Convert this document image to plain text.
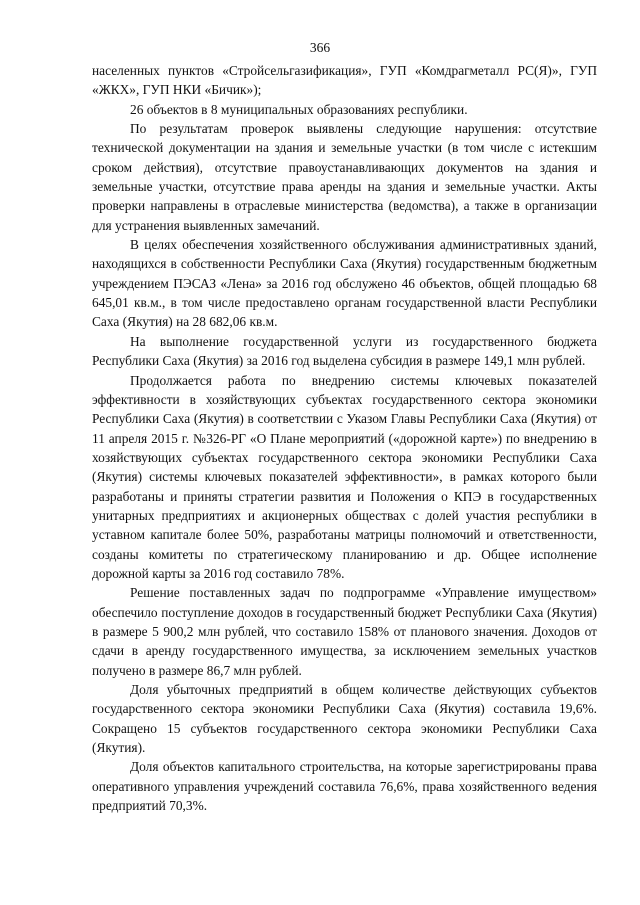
366

населенных пунктов «Стройсельгазификация», ГУП «Комдрагметалл РС(Я)», ГУП «ЖКХ», ГУП НКИ «Бичик»);

26 объектов в 8 муниципальных образованиях республики.

По результатам проверок выявлены следующие нарушения: отсутствие технической документации на здания и земельные участки (в том числе с истекшим сроком действия), отсутствие правоустанавливающих документов на здания и земельные участки, отсутствие права аренды на здания и земельные участки. Акты проверки направлены в отраслевые министерства (ведомства), а также в организации для устранения выявленных замечаний.

В целях обеспечения хозяйственного обслуживания административных зданий, находящихся в собственности Республики Саха (Якутия) государственным бюджетным учреждением ПЭСАЗ «Лена» за 2016 год обслужено 46 объектов, общей площадью 68 645,01 кв.м., в том числе предоставлено органам государственной власти Республики Саха (Якутия) на 28 682,06 кв.м.

На выполнение государственной услуги из государственного бюджета Республики Саха (Якутия) за 2016 год выделена субсидия в размере 149,1 млн рублей.

Продолжается работа по внедрению системы ключевых показателей эффективности в хозяйствующих субъектах государственного сектора экономики Республики Саха (Якутия) в соответствии с Указом Главы Республики Саха (Якутия) от 11 апреля 2015 г. №326-РГ «О Плане мероприятий («дорожной карте») по внедрению в хозяйствующих субъектах государственного сектора экономики Республики Саха (Якутия) системы ключевых показателей эффективности», в рамках которого были разработаны и приняты стратегии развития и Положения о КПЭ в государственных унитарных предприятиях и акционерных обществах с долей участия республики в уставном капитале более 50%, разработаны матрицы полномочий и ответственности, созданы комитеты по стратегическому планированию и др. Общее исполнение дорожной карты за 2016 год составило 78%.

Решение поставленных задач по подпрограмме «Управление имуществом» обеспечило поступление доходов в государственный бюджет Республики Саха (Якутия) в размере 5 900,2 млн рублей, что составило 158% от планового значения. Доходов от сдачи в аренду государственного имущества, за исключением земельных участков получено в размере 86,7 млн рублей.

Доля убыточных предприятий в общем количестве действующих субъектов государственного сектора экономики Республики Саха (Якутия) составила 19,6%. Сокращено 15 субъектов государственного сектора экономики Республики Саха (Якутия).

Доля объектов капитального строительства, на которые зарегистрированы права оперативного управления учреждений составила 76,6%, права хозяйственного ведения предприятий 70,3%.
